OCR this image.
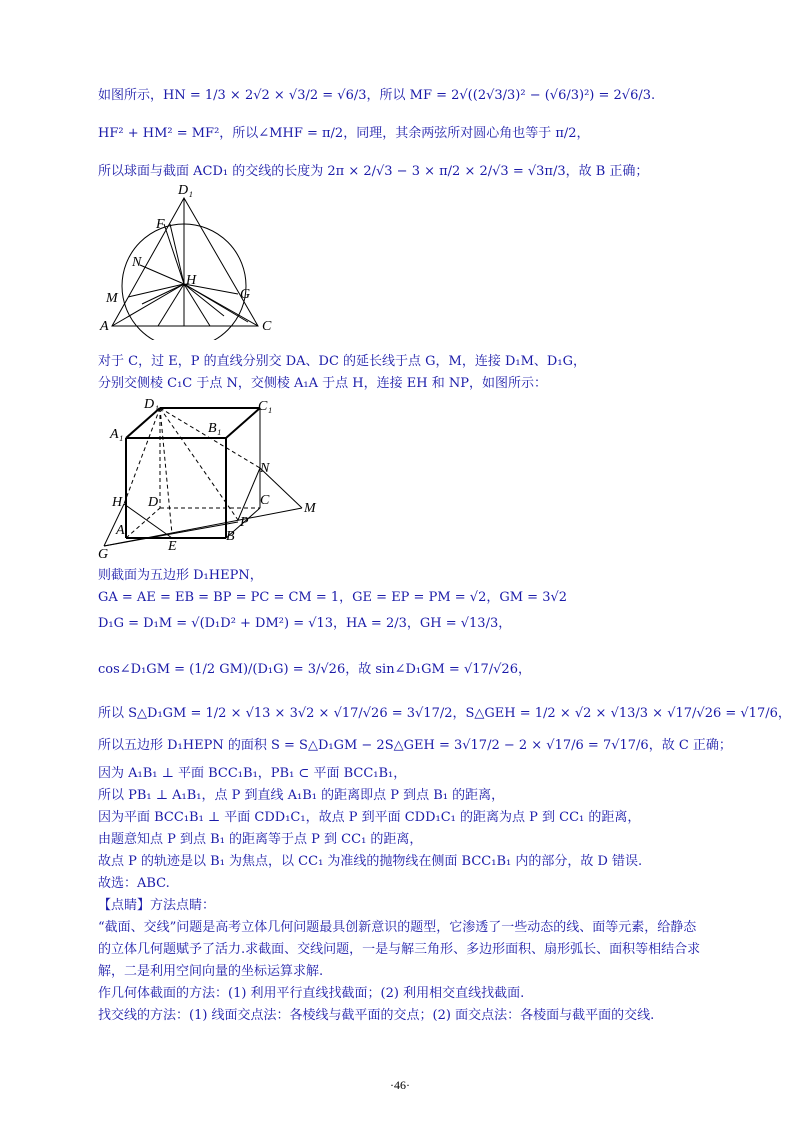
如图所示，HN = 1/3 × 2√2 × √3/2 = √6/3，所以 MF = 2√((2√3/3)² − (√6/3)²) = 2√6/3.
HF² + HM² = MF²，所以∠MHF = π/2，同理，其余两弦所对圆心角也等于 π/2，
所以球面与截面 ACD₁ 的交线的长度为 2π × 2/√3 − 3 × π/2 × 2/√3 = √3π/3，故 B 正确；
D₁
F
N
H
M	G
A	C
对于 C，过 E，P 的直线分别交 DA、DC 的延长线于点 G，M，连接 D₁M、D₁G，
分别交侧棱 C₁C 于点 N，交侧棱 A₁A 于点 H，连接 EH 和 NP，如图所示：
D₁	C₁
A₁	B₁
N
H D	C
M
A
P
E
B
G
则截面为五边形 D₁HEPN，
GA = AE = EB = BP = PC = CM = 1，GE = EP = PM = √2，GM = 3√2
D₁G = D₁M = √(D₁D² + DM²) = √13，HA = 2/3，GH = √13/3，
cos∠D₁GM = (1/2 GM)/(D₁G) = 3/√26，故 sin∠D₁GM = √17/√26，
所以 S△D₁GM = 1/2 × √13 × 3√2 × √17/√26 = 3√17/2，S△GEH = 1/2 × √2 × √13/3 × √17/√26 = √17/6，
所以五边形 D₁HEPN 的面积 S = S△D₁GM − 2S△GEH = 3√17/2 − 2 × √17/6 = 7√17/6，故 C 正确；
因为 A₁B₁ ⊥ 平面 BCC₁B₁，PB₁ ⊂ 平面 BCC₁B₁，
所以 PB₁ ⊥ A₁B₁，点 P 到直线 A₁B₁ 的距离即点 P 到点 B₁ 的距离，
因为平面 BCC₁B₁ ⊥ 平面 CDD₁C₁，故点 P 到平面 CDD₁C₁ 的距离为点 P 到 CC₁ 的距离，
由题意知点 P 到点 B₁ 的距离等于点 P 到 CC₁ 的距离，
故点 P 的轨迹是以 B₁ 为焦点，以 CC₁ 为准线的抛物线在侧面 BCC₁B₁ 内的部分，故 D 错误.
故选：ABC.
【点睛】方法点睛：
“截面、交线”问题是高考立体几何问题最具创新意识的题型，它渗透了一些动态的线、面等元素，给静态
的立体几何题赋予了活力.求截面、交线问题，一是与解三角形、多边形面积、扇形弧长、面积等相结合求
解，二是利用空间向量的坐标运算求解.
作几何体截面的方法：(1) 利用平行直线找截面；(2) 利用相交直线找截面.
找交线的方法：(1) 线面交点法：各棱线与截平面的交点；(2) 面交点法：各棱面与截平面的交线.
·46·
